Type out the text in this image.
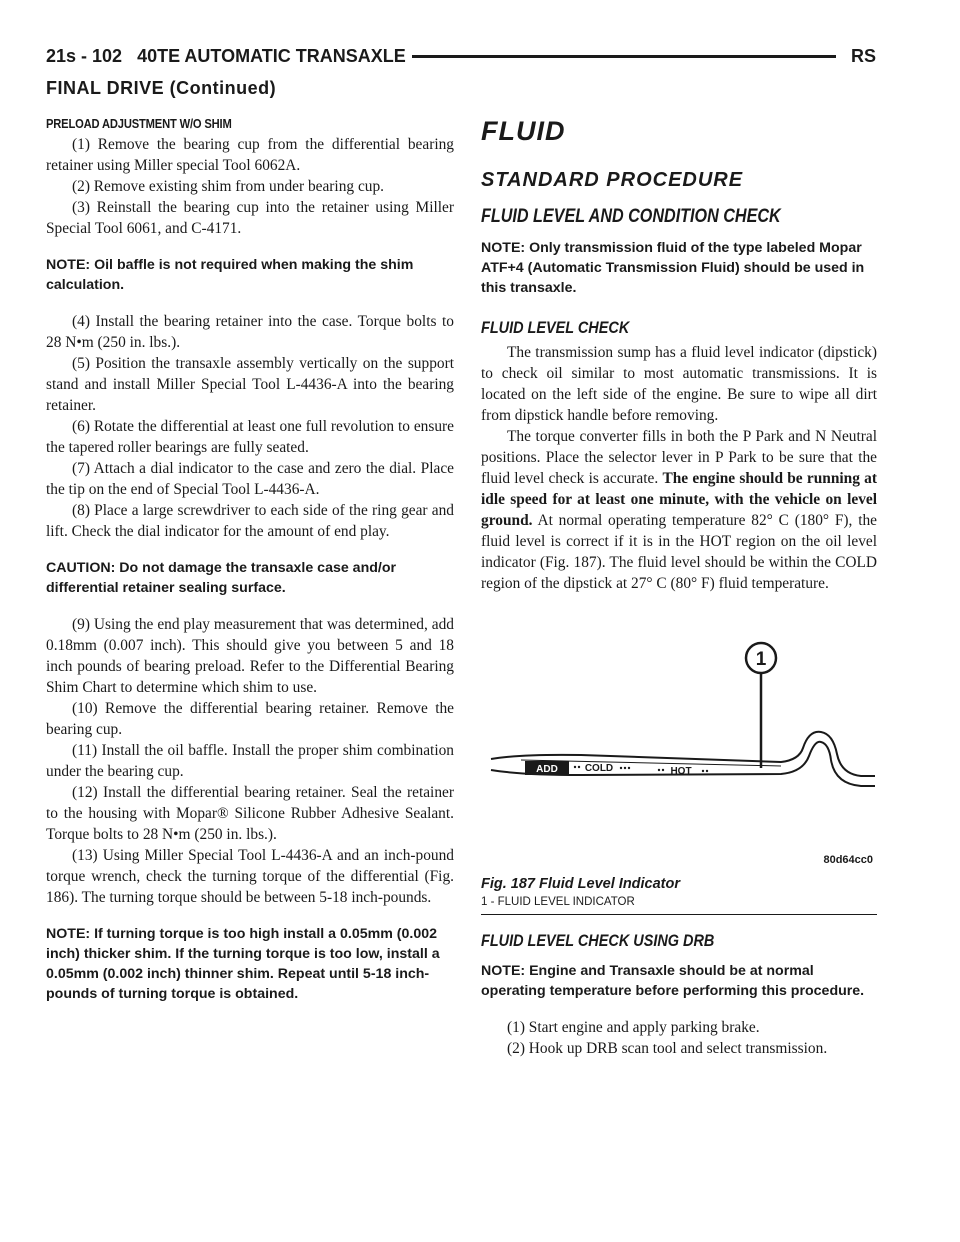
21s - 102 40TE AUTOMATIC TRANSAXLE	RS
FINAL DRIVE (Continued)
PRELOAD ADJUSTMENT W/O SHIM

(1) Remove the bearing cup from the differential bearing retainer using Miller special Tool 6062A.

(2) Remove existing shim from under bearing cup.

(3) Reinstall the bearing cup into the retainer using Miller Special Tool 6061, and C-4171.

NOTE: Oil baffle is not required when making the shim calculation.

(4) Install the bearing retainer into the case. Torque bolts to 28 N•m (250 in. lbs.).

(5) Position the transaxle assembly vertically on the support stand and install Miller Special Tool L-4436-A into the bearing retainer.

(6) Rotate the differential at least one full revolution to ensure the tapered roller bearings are fully seated.

(7) Attach a dial indicator to the case and zero the dial. Place the tip on the end of Special Tool L-4436-A.

(8) Place a large screwdriver to each side of the ring gear and lift. Check the dial indicator for the amount of end play.

CAUTION: Do not damage the transaxle case and/or differential retainer sealing surface.

(9) Using the end play measurement that was determined, add 0.18mm (0.007 inch). This should give you between 5 and 18 inch pounds of bearing preload. Refer to the Differential Bearing Shim Chart to determine which shim to use.

(10) Remove the differential bearing retainer. Remove the bearing cup.

(11) Install the oil baffle. Install the proper shim combination under the bearing cup.

(12) Install the differential bearing retainer. Seal the retainer to the housing with Mopar® Silicone Rubber Adhesive Sealant. Torque bolts to 28 N•m (250 in. lbs.).

(13) Using Miller Special Tool L-4436-A and an inch-pound torque wrench, check the turning torque of the differential (Fig. 186). The turning torque should be between 5-18 inch-pounds.

NOTE: If turning torque is too high install a 0.05mm (0.002 inch) thicker shim. If the turning torque is too low, install a 0.05mm (0.002 inch) thinner shim. Repeat until 5-18 inch-pounds of turning torque is obtained.

FLUID
STANDARD PROCEDURE
FLUID LEVEL AND CONDITION CHECK

NOTE: Only transmission fluid of the type labeled Mopar ATF+4 (Automatic Transmission Fluid) should be used in this transaxle.

FLUID LEVEL CHECK

The transmission sump has a fluid level indicator (dipstick) to check oil similar to most automatic transmissions. It is located on the left side of the engine. Be sure to wipe all dirt from dipstick handle before removing.

The torque converter fills in both the P Park and N Neutral positions. Place the selector lever in P Park to be sure that the fluid level check is accurate. The engine should be running at idle speed for at least one minute, with the vehicle on level ground. At normal operating temperature 82° C (180° F), the fluid level is correct if it is in the HOT region on the oil level indicator (Fig. 187). The fluid level should be within the COLD region of the dipstick at 27° C (80° F) fluid temperature.

1
ADD	COLD	HOT
80d64cc0
Fig. 187 Fluid Level Indicator
1 - FLUID LEVEL INDICATOR
FLUID LEVEL CHECK USING DRB

NOTE: Engine and Transaxle should be at normal operating temperature before performing this procedure.

(1) Start engine and apply parking brake.

(2) Hook up DRB scan tool and select transmission.
